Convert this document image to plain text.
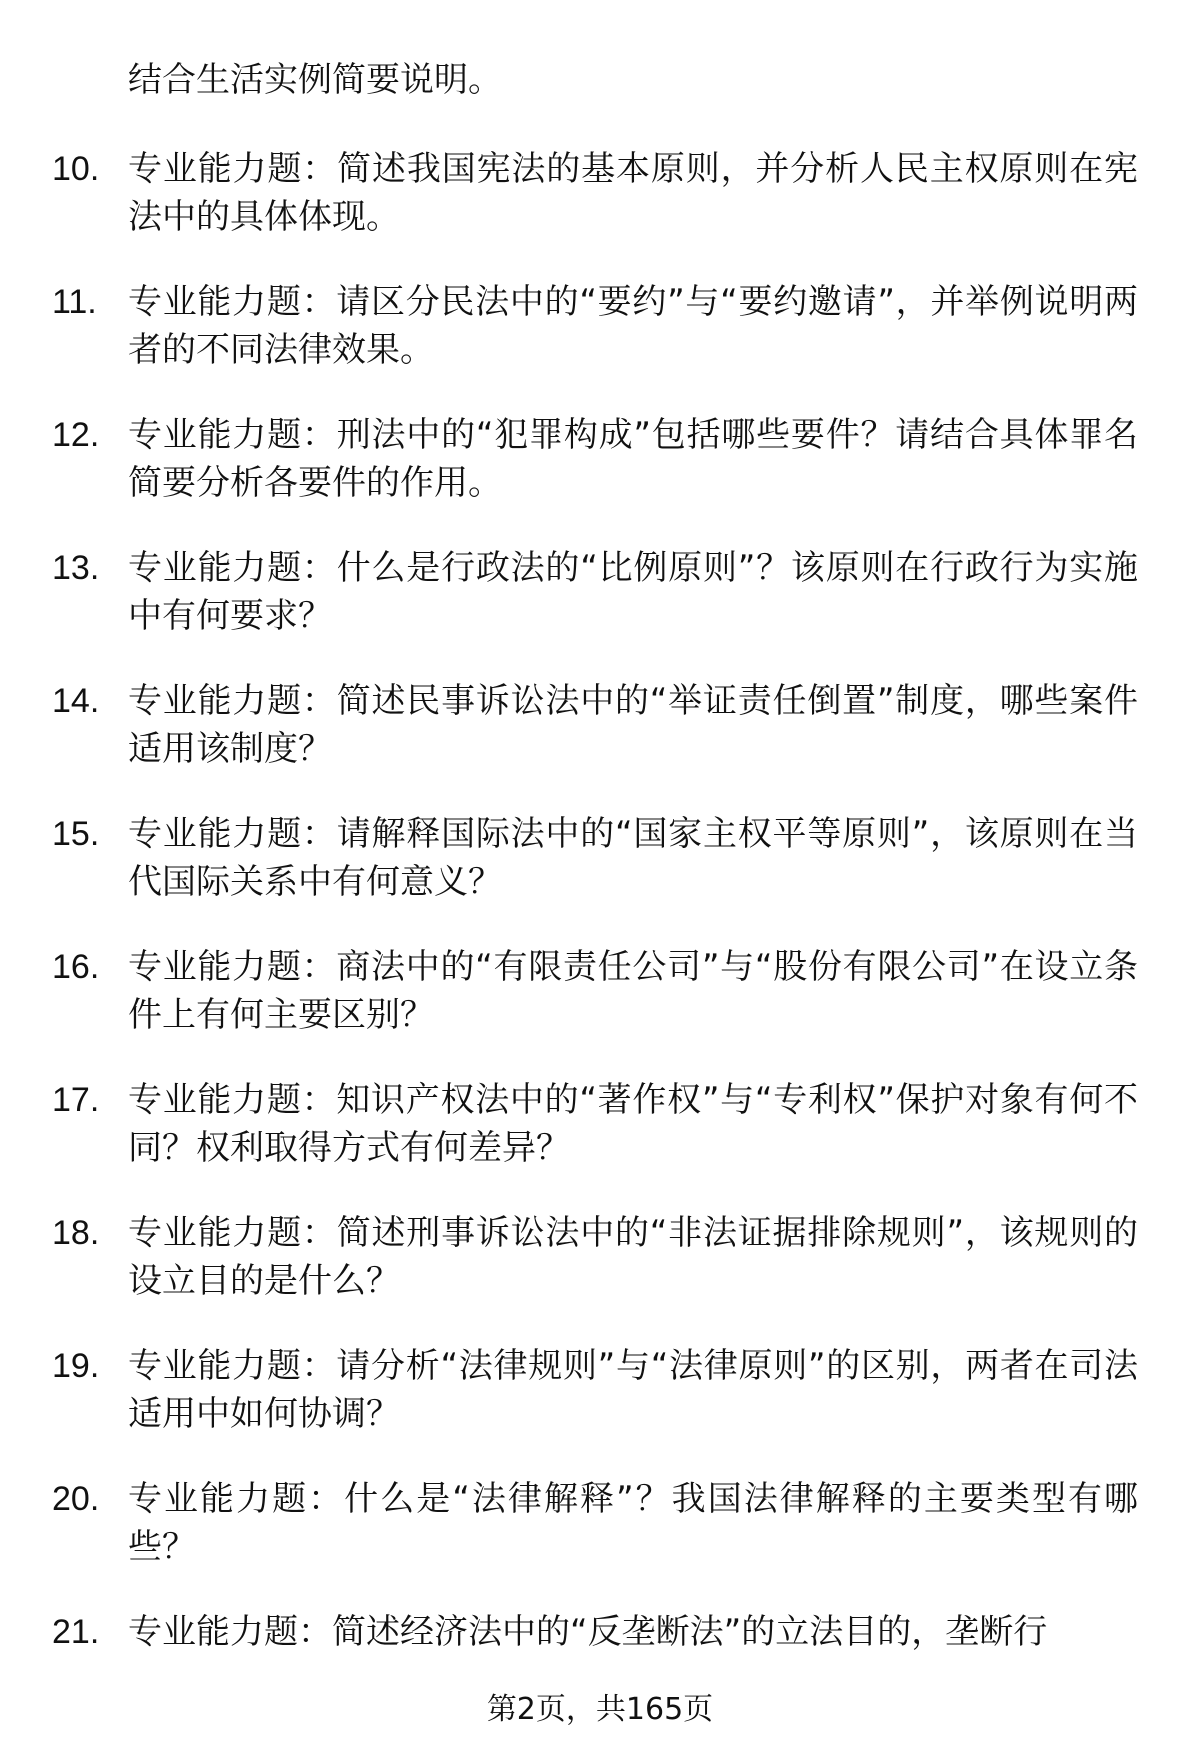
结合生活实例简要说明。
10. 专业能力题：简述我国宪法的基本原则，并分析人民主权原则在宪法中的具体体现。
11. 专业能力题：请区分民法中的“要约”与“要约邀请”，并举例说明两者的不同法律效果。
12. 专业能力题：刑法中的“犯罪构成”包括哪些要件？请结合具体罪名简要分析各要件的作用。
13. 专业能力题：什么是行政法的“比例原则”？该原则在行政行为实施中有何要求？
14. 专业能力题：简述民事诉讼法中的“举证责任倒置”制度，哪些案件适用该制度？
15. 专业能力题：请解释国际法中的“国家主权平等原则”，该原则在当代国际关系中有何意义？
16. 专业能力题：商法中的“有限责任公司”与“股份有限公司”在设立条件上有何主要区别？
17. 专业能力题：知识产权法中的“著作权”与“专利权”保护对象有何不同？权利取得方式有何差异？
18. 专业能力题：简述刑事诉讼法中的“非法证据排除规则”，该规则的设立目的是什么？
19. 专业能力题：请分析“法律规则”与“法律原则”的区别，两者在司法适用中如何协调？
20. 专业能力题：什么是“法律解释”？我国法律解释的主要类型有哪些？
21. 专业能力题：简述经济法中的“反垄断法”的立法目的，垄断行
第2页，共165页
